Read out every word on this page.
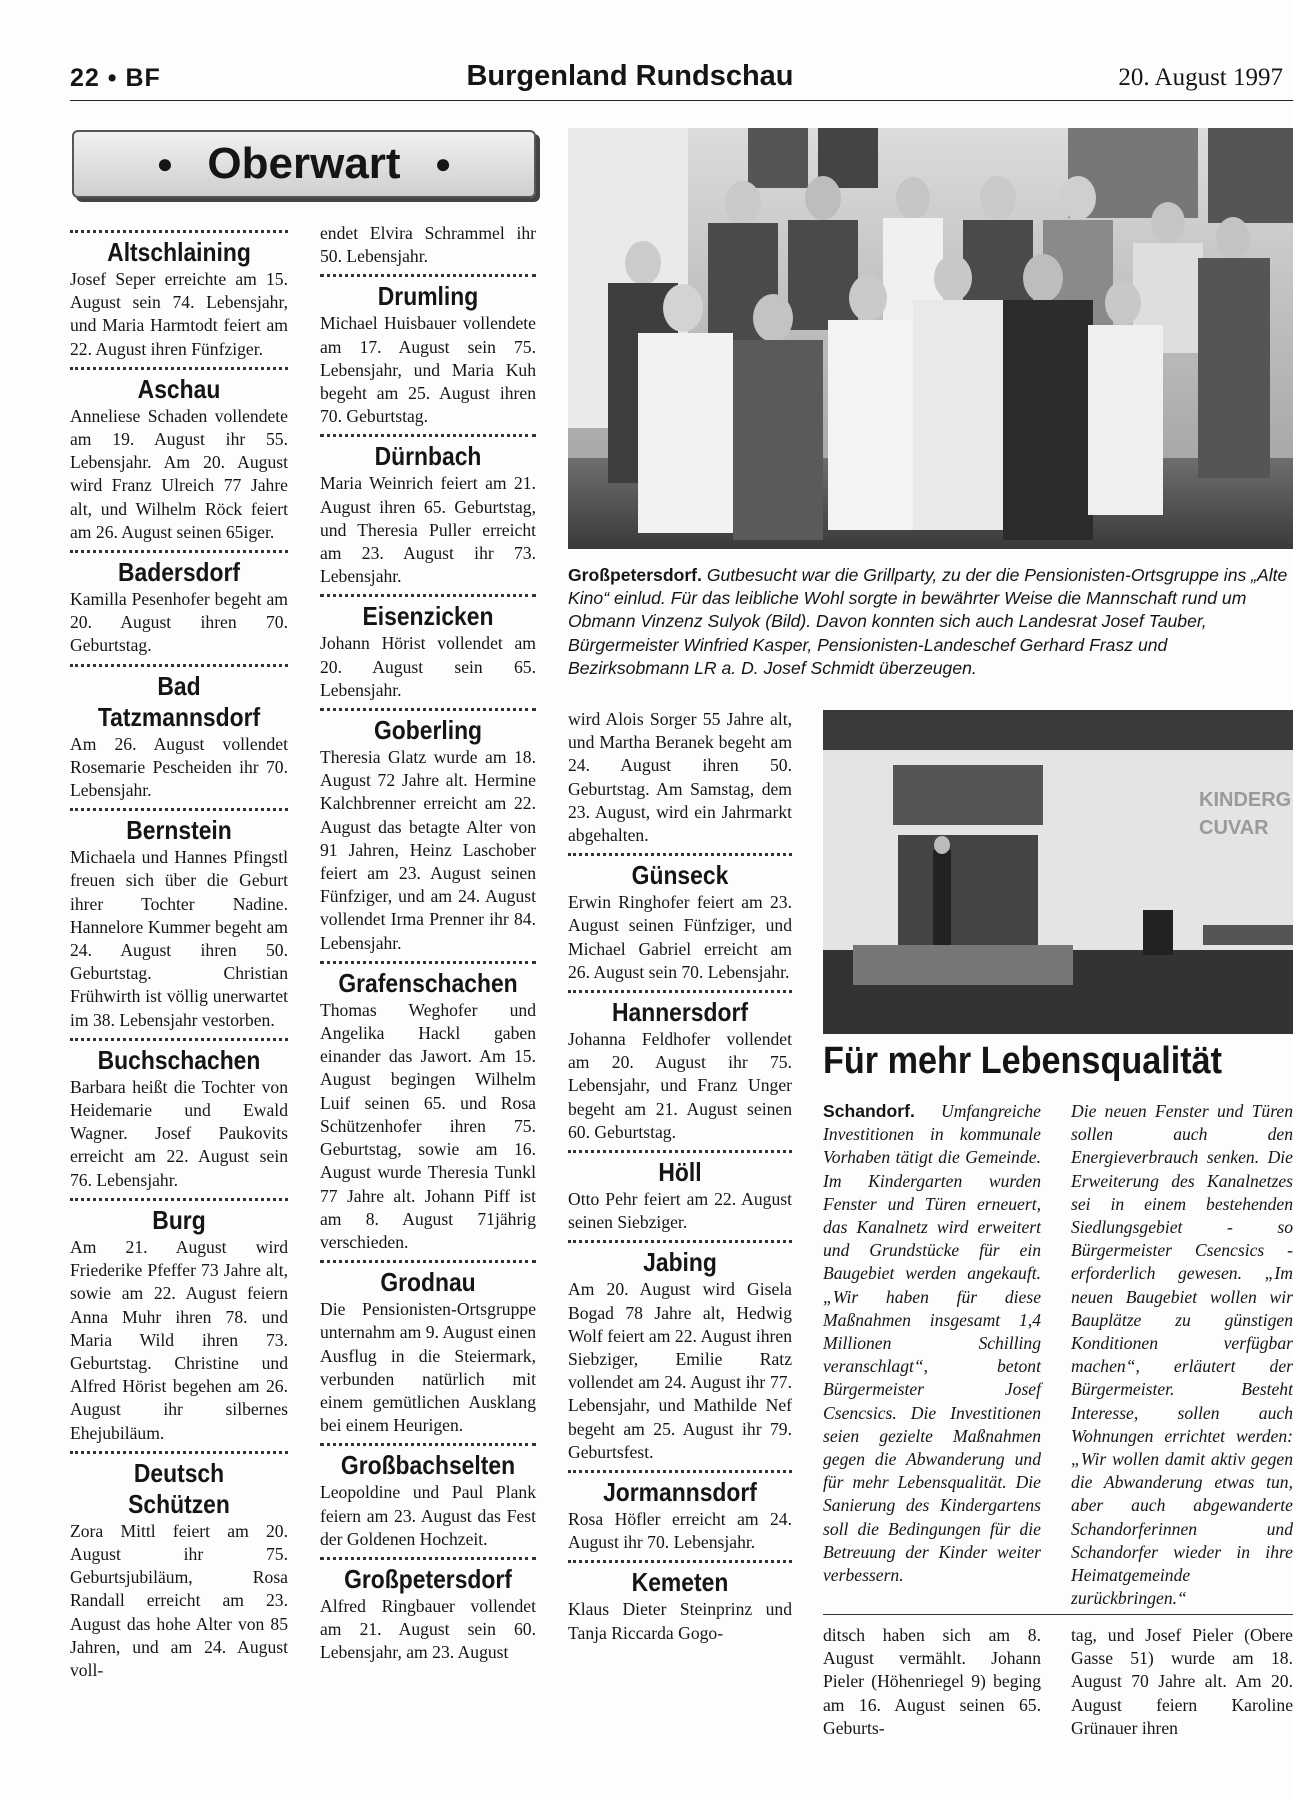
22 • BF	Burgenland Rundschau	20. August 1997
● Oberwart ●
Altschlaining

Josef Seper erreichte am 15. August sein 74. Lebensjahr, und Maria Harmtodt feiert am 22. August ihren Fünfziger.

Aschau

Anneliese Schaden vollendete am 19. August ihr 55. Lebensjahr. Am 20. August wird Franz Ulreich 77 Jahre alt, und Wilhelm Röck feiert am 26. August seinen 65iger.

Badersdorf

Kamilla Pesenhofer begeht am 20. August ihren 70. Geburtstag.

Bad Tatzmannsdorf

Am 26. August vollendet Rosemarie Pescheiden ihr 70. Lebensjahr.

Bernstein

Michaela und Hannes Pfingstl freuen sich über die Geburt ihrer Tochter Nadine. Hannelore Kummer begeht am 24. August ihren 50. Geburtstag. Christian Frühwirth ist völlig unerwartet im 38. Lebensjahr vestorben.

Buchschachen

Barbara heißt die Tochter von Heidemarie und Ewald Wagner. Josef Paukovits erreicht am 22. August sein 76. Lebensjahr.

Burg

Am 21. August wird Friederike Pfeffer 73 Jahre alt, sowie am 22. August feiern Anna Muhr ihren 78. und Maria Wild ihren 73. Geburtstag. Christine und Alfred Hörist begehen am 26. August ihr silbernes Ehejubiläum.

Deutsch Schützen

Zora Mittl feiert am 20. August ihr 75. Geburtsjubiläum, Rosa Randall erreicht am 23. August das hohe Alter von 85 Jahren, und am 24. August voll-

endet Elvira Schrammel ihr 50. Lebensjahr.

Drumling

Michael Huisbauer vollendete am 17. August sein 75. Lebensjahr, und Maria Kuh begeht am 25. August ihren 70. Geburtstag.

Dürnbach

Maria Weinrich feiert am 21. August ihren 65. Geburtstag, und Theresia Puller erreicht am 23. August ihr 73. Lebensjahr.

Eisenzicken

Johann Hörist vollendet am 20. August sein 65. Lebensjahr.

Goberling

Theresia Glatz wurde am 18. August 72 Jahre alt. Hermine Kalchbrenner erreicht am 22. August das betagte Alter von 91 Jahren, Heinz Laschober feiert am 23. August seinen Fünfziger, und am 24. August vollendet Irma Prenner ihr 84. Lebensjahr.

Grafenschachen

Thomas Weghofer und Angelika Hackl gaben einander das Jawort. Am 15. August begingen Wilhelm Luif seinen 65. und Rosa Schützenhofer ihren 75. Geburtstag, sowie am 16. August wurde Theresia Tunkl 77 Jahre alt. Johann Piff ist am 8. August 71jährig verschieden.

Grodnau

Die Pensionisten-Ortsgruppe unternahm am 9. August einen Ausflug in die Steiermark, verbunden natürlich mit einem gemütlichen Ausklang bei einem Heurigen.

Großbachselten

Leopoldine und Paul Plank feiern am 23. August das Fest der Goldenen Hochzeit.

Großpetersdorf

Alfred Ringbauer vollendet am 21. August sein 60. Lebensjahr, am 23. August

Großpetersdorf. Gutbesucht war die Grillparty, zu der die Pensionisten-Ortsgruppe ins „Alte Kino“ einlud. Für das leibliche Wohl sorgte in bewährter Weise die Mannschaft rund um Obmann Vinzenz Sulyok (Bild). Davon konnten sich auch Landesrat Josef Tauber, Bürgermeister Winfried Kasper, Pensionisten-Landeschef Gerhard Frasz und Bezirksobmann LR a. D. Josef Schmidt überzeugen.

wird Alois Sorger 55 Jahre alt, und Martha Beranek begeht am 24. August ihren 50. Geburtstag. Am Samstag, dem 23. August, wird ein Jahrmarkt abgehalten.

Günseck

Erwin Ringhofer feiert am 23. August seinen Fünfziger, und Michael Gabriel erreicht am 26. August sein 70. Lebensjahr.

Hannersdorf

Johanna Feldhofer vollendet am 20. August ihr 75. Lebensjahr, und Franz Unger begeht am 21. August seinen 60. Geburtstag.

Höll

Otto Pehr feiert am 22. August seinen Siebziger.

Jabing

Am 20. August wird Gisela Bogad 78 Jahre alt, Hedwig Wolf feiert am 22. August ihren Siebziger, Emilie Ratz vollendet am 24. August ihr 77. Lebensjahr, und Mathilde Nef begeht am 25. August ihr 79. Geburtsfest.

Jormannsdorf

Rosa Höfler erreicht am 24. August ihr 70. Lebensjahr.

Kemeten

Klaus Dieter Steinprinz und Tanja Riccarda Gogo-

KINDERG
CUVAR
Für mehr Lebensqualität
Schandorf. Umfangreiche Investitionen in kommunale Vorhaben tätigt die Gemeinde. Im Kindergarten wurden Fenster und Türen erneuert, das Kanalnetz wird erweitert und Grundstücke für ein Baugebiet werden angekauft. „Wir haben für diese Maßnahmen insgesamt 1,4 Millionen Schilling veranschlagt“, betont Bürgermeister Josef Csencsics. Die Investitionen seien gezielte Maßnahmen gegen die Abwanderung und für mehr Lebensqualität. Die Sanierung des Kindergartens soll die Bedingungen für die Betreuung der Kinder weiter verbessern.
Die neuen Fenster und Türen sollen auch den Energieverbrauch senken. Die Erweiterung des Kanalnetzes sei in einem bestehenden Siedlungsgebiet - so Bürgermeister Csencsics - erforderlich gewesen. „Im neuen Baugebiet wollen wir Bauplätze zu günstigen Konditionen verfügbar machen“, erläutert der Bürgermeister. Besteht Interesse, sollen auch Wohnungen errichtet werden: „Wir wollen damit aktiv gegen die Abwanderung etwas tun, aber auch abgewanderte Schandorferinnen und Schandorfer wieder in ihre Heimatgemeinde zurückbringen.“

ditsch haben sich am 8. August vermählt. Johann Pieler (Höhenriegel 9) beging am 16. August seinen 65. Geburts-

tag, und Josef Pieler (Obere Gasse 51) wurde am 18. August 70 Jahre alt. Am 20. August feiern Karoline Grünauer ihren
